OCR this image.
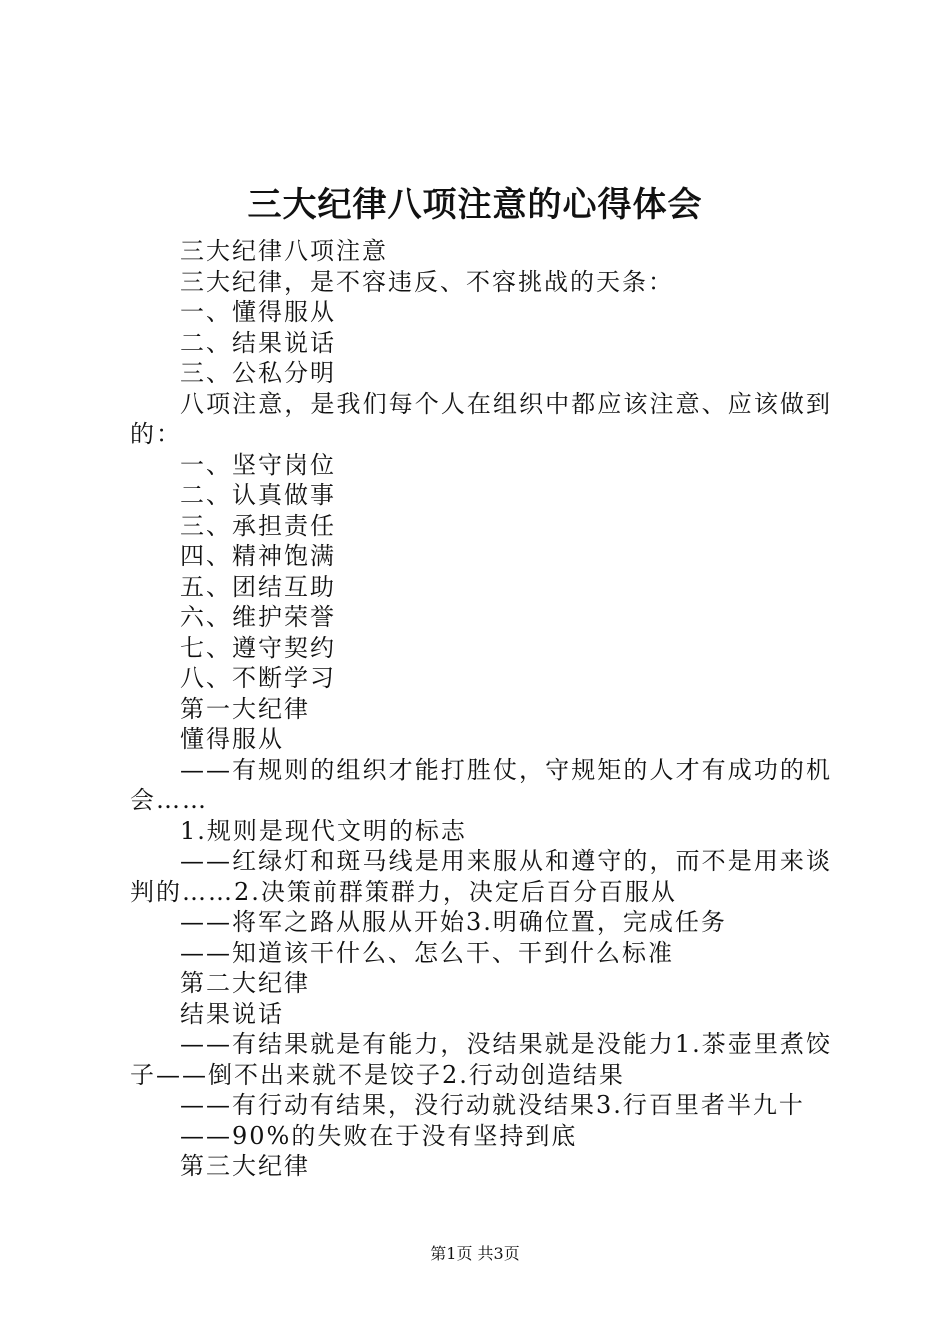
三大纪律八项注意的心得体会

三大纪律八项注意

三大纪律，是不容违反、不容挑战的天条：

一、懂得服从

二、结果说话

三、公私分明

八项注意，是我们每个人在组织中都应该注意、应该做到的：

一、坚守岗位

二、认真做事

三、承担责任

四、精神饱满

五、团结互助

六、维护荣誉

七、遵守契约

八、不断学习

第一大纪律

懂得服从

——有规则的组织才能打胜仗，守规矩的人才有成功的机会……

1.规则是现代文明的标志

——红绿灯和斑马线是用来服从和遵守的，而不是用来谈判的……2.决策前群策群力，决定后百分百服从

——将军之路从服从开始3.明确位置，完成任务

——知道该干什么、怎么干、干到什么标准

第二大纪律

结果说话

——有结果就是有能力，没结果就是没能力1.茶壶里煮饺子——倒不出来就不是饺子2.行动创造结果

——有行动有结果，没行动就没结果3.行百里者半九十

——90%的失败在于没有坚持到底

第三大纪律

第1页 共3页
